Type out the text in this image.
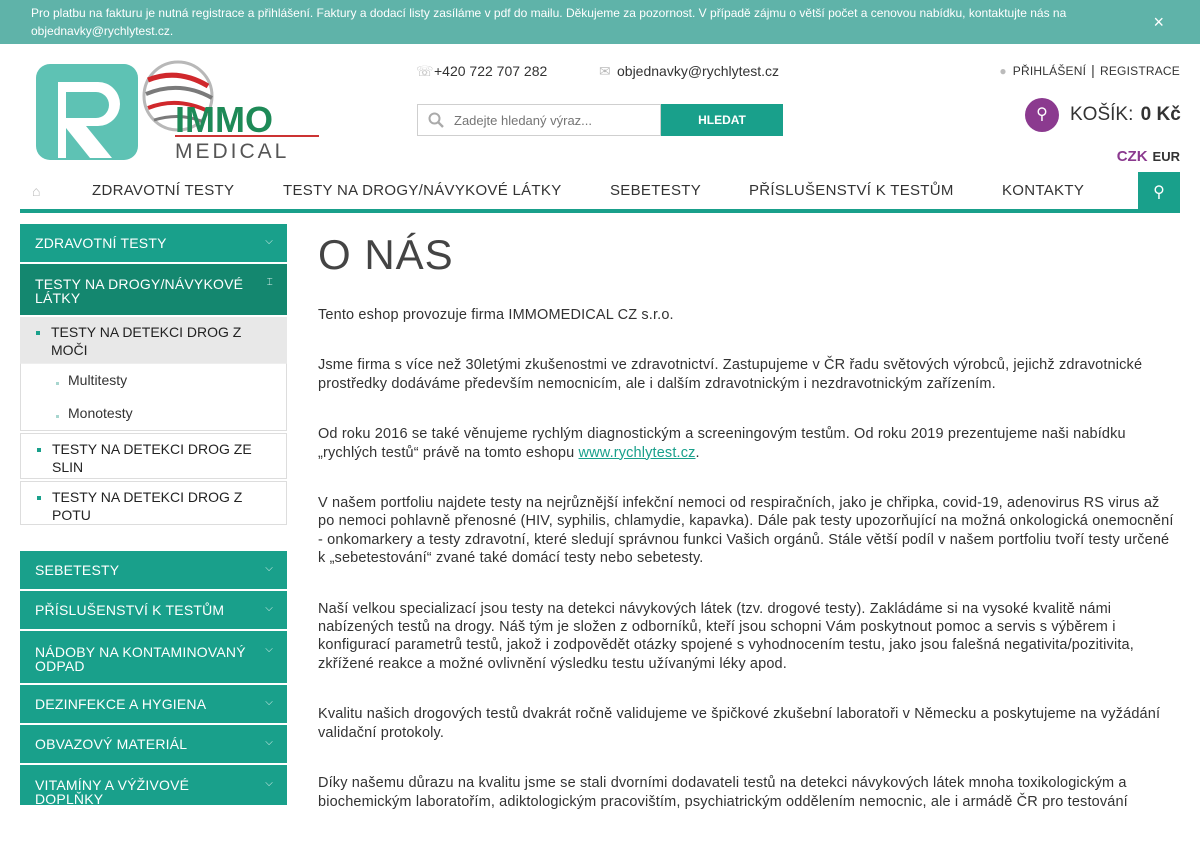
Pro platbu na fakturu je nutná registrace a přihlášení. Faktury a dodací listy zasíláme v pdf do mailu. Děkujeme za pozornost. V případě zájmu o větší počet a cenovou nabídku, kontaktujte nás na objednavky@rychlytest.cz.	×
IMMO
MEDICAL
☏+420 722 707 282	✉ objednavky@rychlytest.cz
Zadejte hledaný výraz...
HLEDAT
● PŘIHLÁŠENÍ | REGISTRACE
⚲	KOŠÍK: 0 Kč
CZK EUR
⌂	ZDRAVOTNÍ TESTY	TESTY NA DROGY/NÁVYKOVÉ LÁTKY	SEBETESTY	PŘÍSLUŠENSTVÍ K TESTŮM	KONTAKTY	⚲
ZDRAVOTNÍ TESTY	⌵
TESTY NA DROGY/NÁVYKOVÉ LÁTKY
⌶
TESTY NA DETEKCI DROG Z MOČI
Multitesty
Monotesty
TESTY NA DETEKCI DROG ZE SLIN
TESTY NA DETEKCI DROG Z POTU
SEBETESTY	⌵
PŘÍSLUŠENSTVÍ K TESTŮM	⌵
NÁDOBY NA KONTAMINOVANÝ ODPAD
⌵
DEZINFEKCE A HYGIENA	⌵
OBVAZOVÝ MATERIÁL	⌵
VITAMÍNY A VÝŽIVOVÉ DOPLŇKY
⌵
O NÁS

Tento eshop provozuje firma IMMOMEDICAL CZ s.r.o.

Jsme firma s více než 30letými zkušenostmi ve zdravotnictví. Zastupujeme v ČR řadu světových výrobců, jejichž zdravotnické prostředky dodáváme především nemocnicím, ale i dalším zdravotnickým i nezdravotnickým zařízením.

Od roku 2016 se také věnujeme rychlým diagnostickým a screeningovým testům. Od roku 2019 prezentujeme naši nabídku „rychlých testů“ právě na tomto eshopu www.rychlytest.cz.

V našem portfoliu najdete testy na nejrůznější infekční nemoci od respiračních, jako je chřipka, covid-19, adenovirus RS virus až po nemoci pohlavně přenosné (HIV, syphilis, chlamydie, kapavka). Dále pak testy upozorňující na možná onkologická onemocnění - onkomarkery a testy zdravotní, které sledují správnou funkci Vašich orgánů. Stále větší podíl v našem portfoliu tvoří testy určené k „sebetestování“ zvané také domácí testy nebo sebetesty.

Naší velkou specializací jsou testy na detekci návykových látek (tzv. drogové testy). Zakládáme si na vysoké kvalitě námi nabízených testů na drogy. Náš tým je složen z odborníků, kteří jsou schopni Vám poskytnout pomoc a servis s výběrem i konfigurací parametrů testů, jakož i zodpovědět otázky spojené s vyhodnocením testu, jako jsou falešná negativita/pozitivita, zkřížené reakce a možné ovlivnění výsledku testu užívanými léky apod.

Kvalitu našich drogových testů dvakrát ročně validujeme ve špičkové zkušební laboratoři v Německu a poskytujeme na vyžádání validační protokoly.

Díky našemu důrazu na kvalitu jsme se stali dvorními dodavateli testů na detekci návykových látek mnoha toxikologickým a biochemickým laboratořím, adiktologickým pracovištím, psychiatrickým oddělením nemocnic, ale i armádě ČR pro testování
